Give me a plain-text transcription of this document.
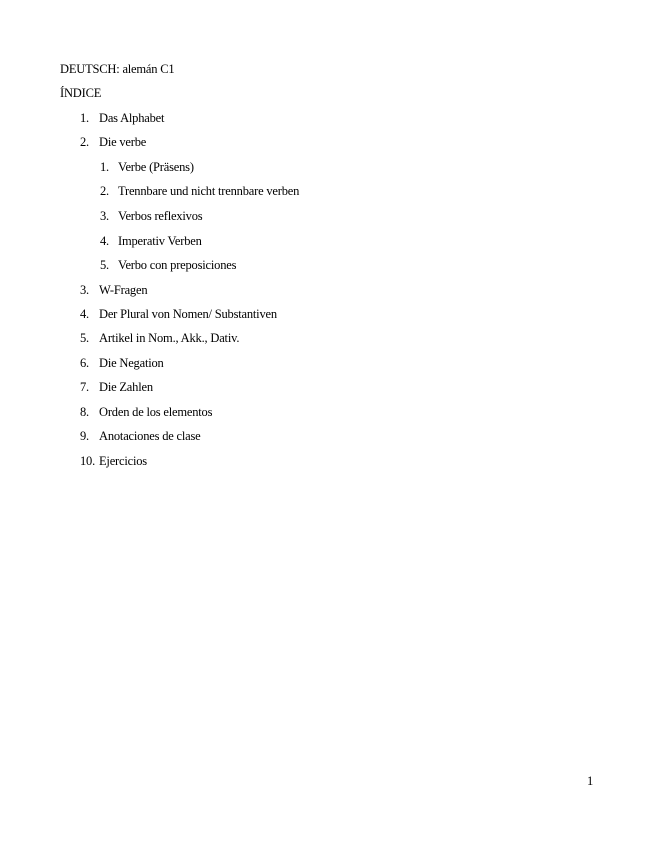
DEUTSCH: alemán C1
ÍNDICE
1. Das Alphabet
2. Die verbe
1. Verbe (Präsens)
2. Trennbare und nicht trennbare verben
3. Verbos reflexivos
4. Imperativ Verben
5. Verbo con preposiciones
3. W-Fragen
4. Der Plural von Nomen/ Substantiven
5. Artikel in Nom., Akk., Dativ.
6. Die Negation
7. Die Zahlen
8. Orden de los elementos
9. Anotaciones de clase
10. Ejercicios
1
